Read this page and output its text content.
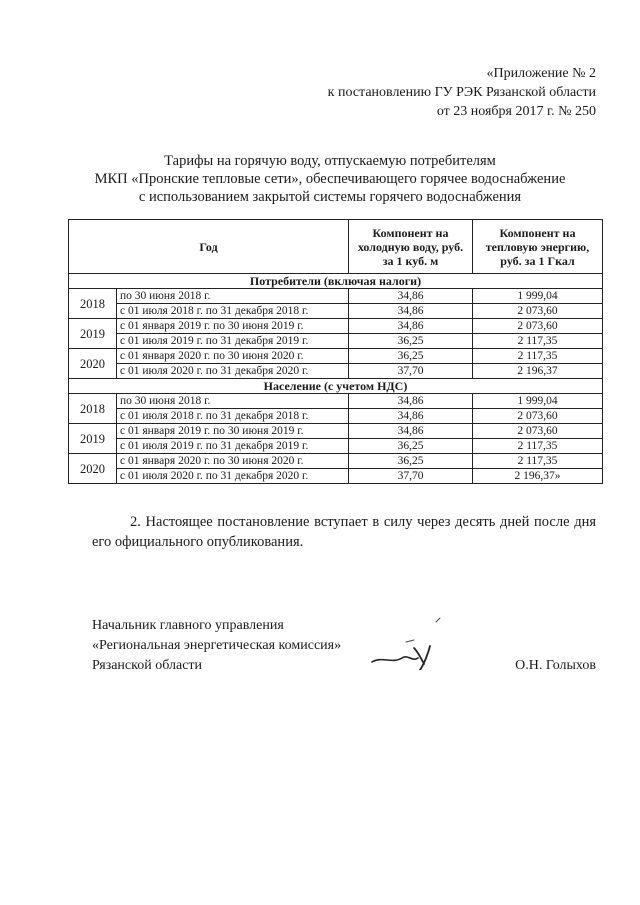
«Приложение № 2
к постановлению ГУ РЭК Рязанской области
от 23 ноября 2017 г. № 250
Тарифы на горячую воду, отпускаемую потребителям
МКП «Пронские тепловые сети», обеспечивающего горячее водоснабжение
с использованием закрытой системы горячего водоснабжения
Год		Компонент на холодную воду, руб. за 1 куб. м	Компонент на тепловую энергию, руб. за 1 Гкал
Потребители (включая налоги)			
2018	по 30 июня 2018 г.	34,86	1 999,04
	с 01 июля 2018 г. по 31 декабря 2018 г.	34,86	2 073,60
2019	с 01 января 2019 г. по 30 июня 2019 г.	34,86	2 073,60
	с 01 июля 2019 г. по 31 декабря 2019 г.	36,25	2 117,35
2020	с 01 января 2020 г. по 30 июня 2020 г.	36,25	2 117,35
	с 01 июля 2020 г. по 31 декабря 2020 г.	37,70	2 196,37
Население (с учетом НДС)			
2018	по 30 июня 2018 г.	34,86	1 999,04
	с 01 июля 2018 г. по 31 декабря 2018 г.	34,86	2 073,60
2019	с 01 января 2019 г. по 30 июня 2019 г.	34,86	2 073,60
	с 01 июля 2019 г. по 31 декабря 2019 г.	36,25	2 117,35
2020	с 01 января 2020 г. по 30 июня 2020 г.	36,25	2 117,35
	с 01 июля 2020 г. по 31 декабря 2020 г.	37,70	2 196,37»
2. Настоящее постановление вступает в силу через десять дней после дня его официального опубликования.
Начальник главного управления
«Региональная энергетическая комиссия»
Рязанской области	О.Н. Голыхов
